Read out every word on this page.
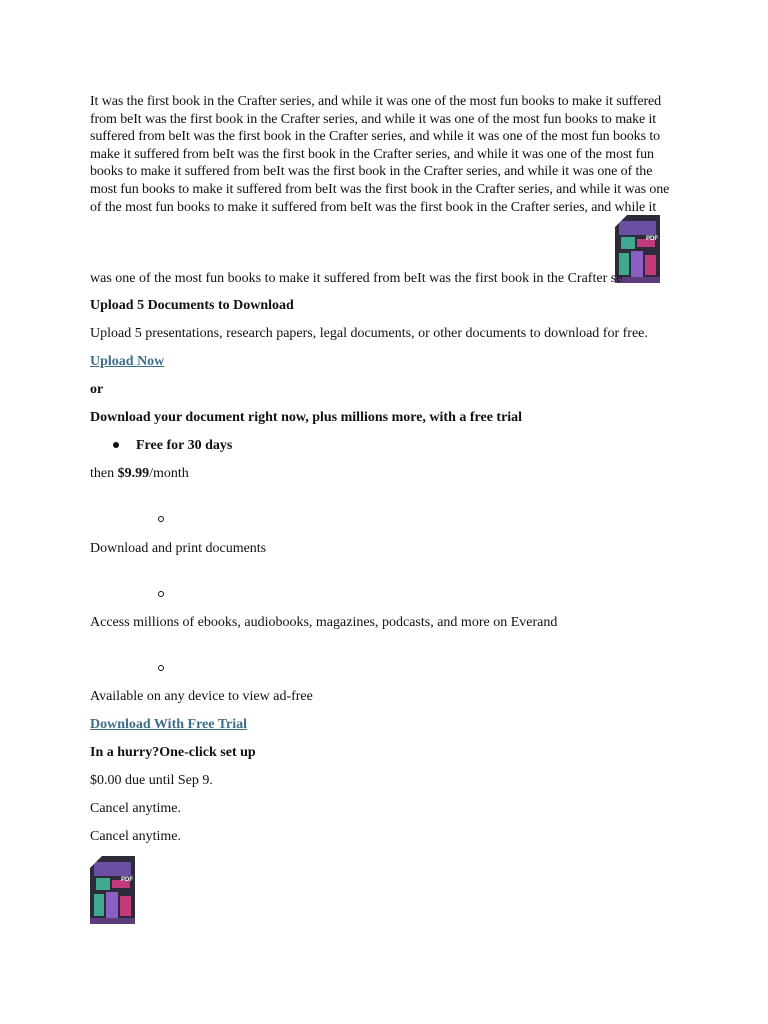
It was the first book in the Crafter series, and while it was one of the most fun books to make it suffered from beIt was the first book in the Crafter series, and while it was one of the most fun books to make it suffered from beIt was the first book in the Crafter series, and while it was one of the most fun books to make it suffered from beIt was the first book in the Crafter series, and while it was one of the most fun books to make it suffered from beIt was the first book in the Crafter series, and while it was one of the most fun books to make it suffered from beIt was the first book in the Crafter series, and while it was one of the most fun books to make it suffered from beIt was the first book in the Crafter series, and while it

PDF
was one of the most fun books to make it suffered from beIt was the first book in the Crafter se

Upload 5 Documents to Download

Upload 5 presentations, research papers, legal documents, or other documents to download for free.

Upload Now

or

Download your document right now, plus millions more, with a free trial

Free for 30 days

then $9.99/month

Download and print documents

Access millions of ebooks, audiobooks, magazines, podcasts, and more on Everand

Available on any device to view ad-free

Download With Free Trial

In a hurry?One-click set up

$0.00 due until Sep 9.

Cancel anytime.

Cancel anytime.

PDF
